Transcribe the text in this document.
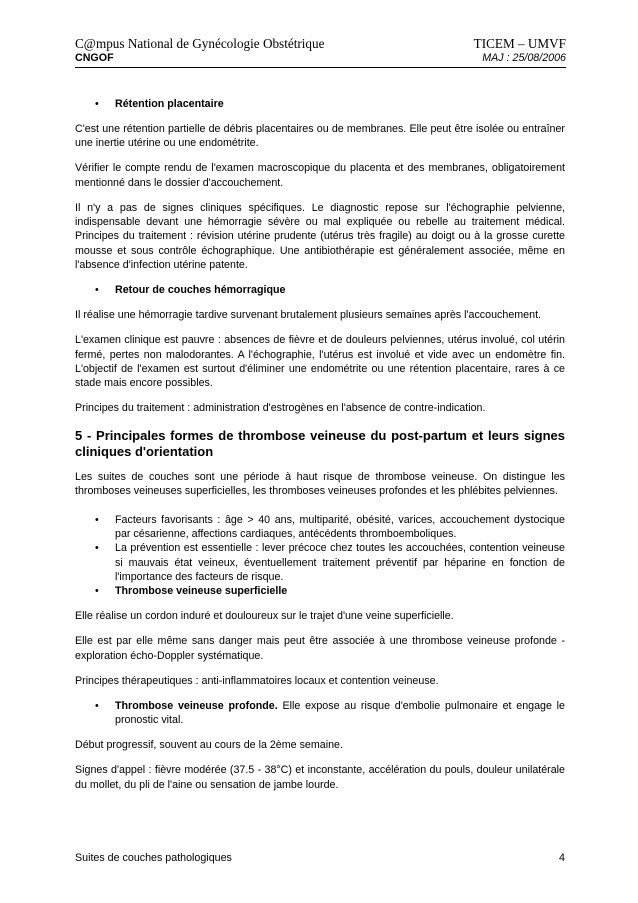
C@mpus National de Gynécologie Obstétrique	TICEM – UMVF
CNGOF	MAJ : 25/08/2006
•
Rétention placentaire
C'est une rétention partielle de débris placentaires ou de membranes. Elle peut être isolée ou entraîner une inertie utérine ou une endométrite.
Vérifier le compte rendu de l'examen macroscopique du placenta et des membranes, obligatoirement mentionné dans le dossier d'accouchement.
Il n'y a pas de signes cliniques spécifiques. Le diagnostic repose sur l'échographie pelvienne, indispensable devant une hémorragie sévère ou mal expliquée ou rebelle au traitement médical. Principes du traitement : révision utérine prudente (utérus très fragile) au doigt ou à la grosse curette mousse et sous contrôle échographique. Une antibiothérapie est généralement associée, même en l'absence d'infection utérine patente.
•
Retour de couches hémorragique
Il réalise une hémorragie tardive survenant brutalement plusieurs semaines après l'accouchement.
L'examen clinique est pauvre : absences de fièvre et de douleurs pelviennes, utérus involué, col utérin fermé, pertes non malodorantes. A l'échographie, l'utérus est involué et vide avec un endomètre fin. L'objectif de l'examen est surtout d'éliminer une endométrite ou une rétention placentaire, rares à ce stade mais encore possibles.
Principes du traitement : administration d'estrogènes en l'absence de contre-indication.
5 - Principales formes de thrombose veineuse du post-partum et leurs signes cliniques d'orientation
Les suites de couches sont une période à haut risque de thrombose veineuse. On distingue les thromboses veineuses superficielles, les thromboses veineuses profondes et les phlébites pelviennes.
•
Facteurs favorisants : âge > 40 ans, multiparité, obésité, varices, accouchement dystocique par césarienne, affections cardiaques, antécédents thromboemboliques.
•
La prévention est essentielle : lever précoce chez toutes les accouchées, contention veineuse si mauvais état veineux, éventuellement traitement préventif par héparine en fonction de l'importance des facteurs de risque.
•
Thrombose veineuse superficielle
Elle réalise un cordon induré et douloureux sur le trajet d'une veine superficielle.
Elle est par elle même sans danger mais peut être associée à une thrombose veineuse profonde - exploration écho-Doppler systématique.
Principes thérapeutiques : anti-inflammatoires locaux et contention veineuse.
•
Thrombose veineuse profonde. Elle expose au risque d'embolie pulmonaire et engage le pronostic vital.
Début progressif, souvent au cours de la 2ème semaine.
Signes d'appel : fièvre modérée (37.5 - 38°C) et inconstante, accélération du pouls, douleur unilatérale du mollet, du pli de l'aine ou sensation de jambe lourde.
Suites de couches pathologiques	4
